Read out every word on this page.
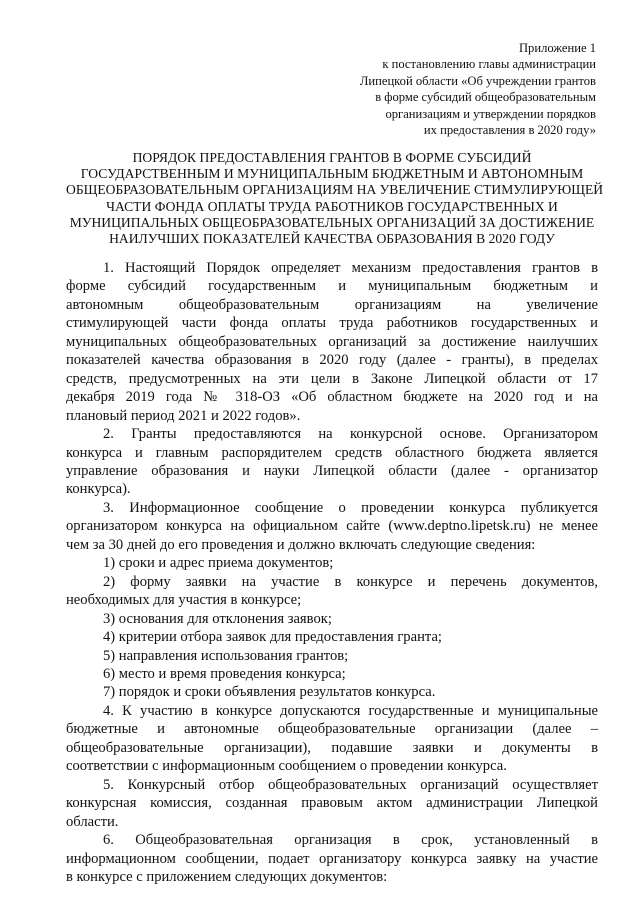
Приложение 1
к постановлению главы администрации
Липецкой области «Об учреждении грантов
в форме субсидий общеобразовательным
организациям и утверждении порядков
их предоставления в 2020 году»
ПОРЯДОК ПРЕДОСТАВЛЕНИЯ ГРАНТОВ В ФОРМЕ СУБСИДИЙ
ГОСУДАРСТВЕННЫМ И МУНИЦИПАЛЬНЫМ БЮДЖЕТНЫМ И АВТОНОМНЫМ
ОБЩЕОБРАЗОВАТЕЛЬНЫМ ОРГАНИЗАЦИЯМ НА УВЕЛИЧЕНИЕ СТИМУЛИРУЮЩЕЙ
ЧАСТИ ФОНДА ОПЛАТЫ ТРУДА РАБОТНИКОВ ГОСУДАРСТВЕННЫХ И
МУНИЦИПАЛЬНЫХ ОБЩЕОБРАЗОВАТЕЛЬНЫХ ОРГАНИЗАЦИЙ ЗА ДОСТИЖЕНИЕ
НАИЛУЧШИХ ПОКАЗАТЕЛЕЙ КАЧЕСТВА ОБРАЗОВАНИЯ В 2020 ГОДУ
1. Настоящий Порядок определяет механизм предоставления грантов в
форме субсидий государственным и муниципальным бюджетным и
автономным общеобразовательным организациям на увеличение
стимулирующей части фонда оплаты труда работников государственных и
муниципальных общеобразовательных организаций за достижение наилучших
показателей качества образования в 2020 году (далее - гранты), в пределах
средств, предусмотренных на эти цели в Законе Липецкой области от 17
декабря 2019 года № 318-ОЗ «Об областном бюджете на 2020 год и на
плановый период 2021 и 2022 годов».
2. Гранты предоставляются на конкурсной основе. Организатором
конкурса и главным распорядителем средств областного бюджета является
управление образования и науки Липецкой области (далее - организатор
конкурса).
3. Информационное сообщение о проведении конкурса публикуется
организатором конкурса на официальном сайте (www.deptno.lipetsk.ru) не менее
чем за 30 дней до его проведения и должно включать следующие сведения:
1) сроки и адрес приема документов;
2) форму заявки на участие в конкурсе и перечень документов,
необходимых для участия в конкурсе;
3) основания для отклонения заявок;
4) критерии отбора заявок для предоставления гранта;
5) направления использования грантов;
6) место и время проведения конкурса;
7) порядок и сроки объявления результатов конкурса.
4. К участию в конкурсе допускаются государственные и муниципальные
бюджетные и автономные общеобразовательные организации (далее –
общеобразовательные организации), подавшие заявки и документы в
соответствии с информационным сообщением о проведении конкурса.
5. Конкурсный отбор общеобразовательных организаций осуществляет
конкурсная комиссия, созданная правовым актом администрации Липецкой
области.
6. Общеобразовательная организация в срок, установленный в
информационном сообщении, подает организатору конкурса заявку на участие
в конкурсе с приложением следующих документов:
